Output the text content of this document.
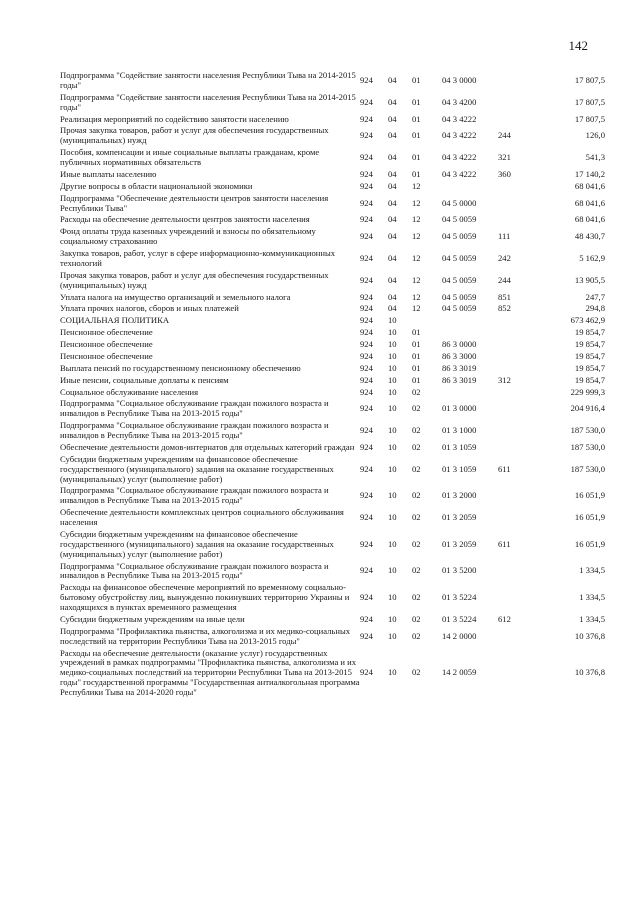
142
Подпрограмма "Содействие занятости населения Республики Тыва на 2014-2015 годы"	924	04	01	04 3 0000		17 807,5
Подпрограмма "Содействие занятости населения Республики Тыва на 2014-2015 годы"	924	04	01	04 3 4200		17 807,5
Реализация мероприятий по содействию занятости населению	924	04	01	04 3 4222		17 807,5
Прочая закупка товаров, работ и услуг для обеспечения государственных (муниципальных) нужд	924	04	01	04 3 4222	244	126,0
Пособия, компенсации и иные социальные выплаты гражданам, кроме публичных нормативных обязательств	924	04	01	04 3 4222	321	541,3
Иные выплаты населению	924	04	01	04 3 4222	360	17 140,2
Другие вопросы в области национальной экономики	924	04	12			68 041,6
Подпрограмма "Обеспечение деятельности центров занятости населения Республики Тыва"	924	04	12	04 5 0000		68 041,6
Расходы на обеспечение деятельности центров занятости населения	924	04	12	04 5 0059		68 041,6
Фонд оплаты труда казенных учреждений и взносы по обязательному социальному страхованию	924	04	12	04 5 0059	111	48 430,7
Закупка товаров, работ, услуг в сфере информационно-коммуникационных технологий	924	04	12	04 5 0059	242	5 162,9
Прочая закупка товаров, работ и услуг для обеспечения государственных (муниципальных) нужд	924	04	12	04 5 0059	244	13 905,5
Уплата налога на имущество организаций и земельного налога	924	04	12	04 5 0059	851	247,7
Уплата прочих налогов, сборов и иных платежей	924	04	12	04 5 0059	852	294,8
СОЦИАЛЬНАЯ ПОЛИТИКА	924	10				673 462,9
Пенсионное обеспечение	924	10	01			19 854,7
Пенсионное обеспечение	924	10	01	86 3 0000		19 854,7
Пенсионное обеспечение	924	10	01	86 3 3000		19 854,7
Выплата пенсий по государственному пенсионному обеспечению	924	10	01	86 3 3019		19 854,7
Иные пенсии, социальные доплаты к пенсиям	924	10	01	86 3 3019	312	19 854,7
Социальное обслуживание населения	924	10	02			229 999,3
Подпрограмма "Социальное обслуживание граждан пожилого возраста и инвалидов в Республике Тыва на 2013-2015 годы"	924	10	02	01 3 0000		204 916,4
Подпрограмма "Социальное обслуживание граждан пожилого возраста и инвалидов в Республике Тыва на 2013-2015 годы"	924	10	02	01 3 1000		187 530,0
Обеспечение деятельности домов-интернатов для отдельных категорий граждан	924	10	02	01 3 1059		187 530,0
Субсидии бюджетным учреждениям на финансовое обеспечение государственного (муниципального) задания на оказание государственных (муниципальных) услуг (выполнение работ)	924	10	02	01 3 1059	611	187 530,0
Подпрограмма "Социальное обслуживание граждан пожилого возраста и инвалидов в Республике Тыва на 2013-2015 годы"	924	10	02	01 3 2000		16 051,9
Обеспечение деятельности комплексных центров социального обслуживания населения	924	10	02	01 3 2059		16 051,9
Субсидии бюджетным учреждениям на финансовое обеспечение государственного (муниципального) задания на оказание государственных (муниципальных) услуг (выполнение работ)	924	10	02	01 3 2059	611	16 051,9
Подпрограмма "Социальное обслуживание граждан пожилого возраста и инвалидов в Республике Тыва на 2013-2015 годы"	924	10	02	01 3 5200		1 334,5
Расходы на финансовое обеспечение мероприятий по временному социально-бытовому обустройству лиц, вынужденно покинувших территорию Украины и находящихся в пунктах временного размещения	924	10	02	01 3 5224		1 334,5
Субсидии бюджетным учреждениям на иные цели	924	10	02	01 3 5224	612	1 334,5
Подпрограмма "Профилактика пьянства, алкоголизма и их медико-социальных последствий на территории Республики Тыва на 2013-2015 годы"	924	10	02	14 2 0000		10 376,8
Расходы на обеспечение деятельности (оказание услуг) государственных учреждений в рамках подпрограммы "Профилактика пьянства, алкоголизма и их медико-социальных последствий на территории Республики Тыва на 2013-2015 годы" государственной программы "Государственная антиалкогольная программа Республики Тыва на 2014-2020 годы"	924	10	02	14 2 0059		10 376,8
